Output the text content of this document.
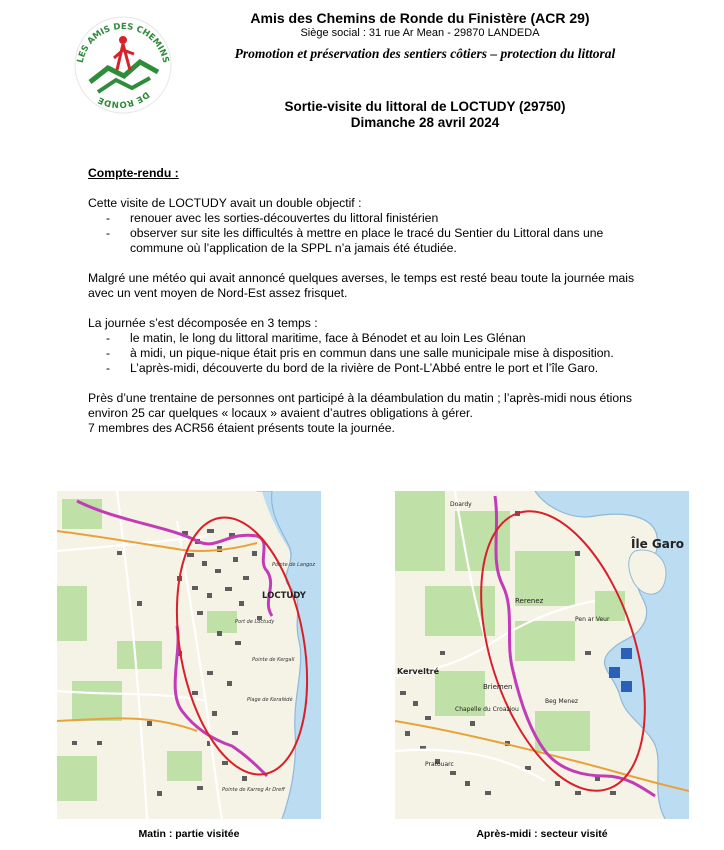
LES AMIS DES CHEMINS
DE RONDE
Amis des Chemins de Ronde du Finistère (ACR 29)
Siège social : 31 rue Ar Mean - 29870 LANDEDA
Promotion et préservation des sentiers côtiers – protection du littoral
Sortie-visite du littoral de LOCTUDY (29750)
Dimanche 28 avril 2024

Compte-rendu :

Cette visite de LOCTUDY avait un double objectif :

- renouer avec les sorties-découvertes du littoral finistérien
- observer sur site les difficultés à mettre en place le tracé du Sentier du Littoral dans une commune où l’application de la SPPL n’a jamais été étudiée.

Malgré une météo qui avait annoncé quelques averses, le temps est resté beau toute la journée mais avec un vent moyen de Nord-Est assez frisquet.

La journée s’est décomposée en 3 temps :

- le matin, le long du littoral maritime, face à Bénodet et au loin Les Glénan
- à midi, un pique-nique était pris en commun dans une salle municipale mise à disposition.
- L’après-midi, découverte du bord de la rivière de Pont-L’Abbé entre le port et l’île Garo.

Près d’une trentaine de personnes ont participé à la déambulation du matin ; l’après-midi nous étions environ 25 car quelques « locaux » avaient d’autres obligations à gérer.

7 membres des ACR56 étaient présents toute la journée.

LOCTUDY
Pointe de Langoz
Port de Loctudy
Pointe de Kergall
Plage de Kerafédé
Pointe de Karreg Ar Dreff
Île Garo
Kerveltré
Rerenez
Pen ar Veur
Briemen
Chapelle du Croaziou
Beg Menez
Doardy
Pratouarc
Matin : partie visitée	Après-midi : secteur visité
